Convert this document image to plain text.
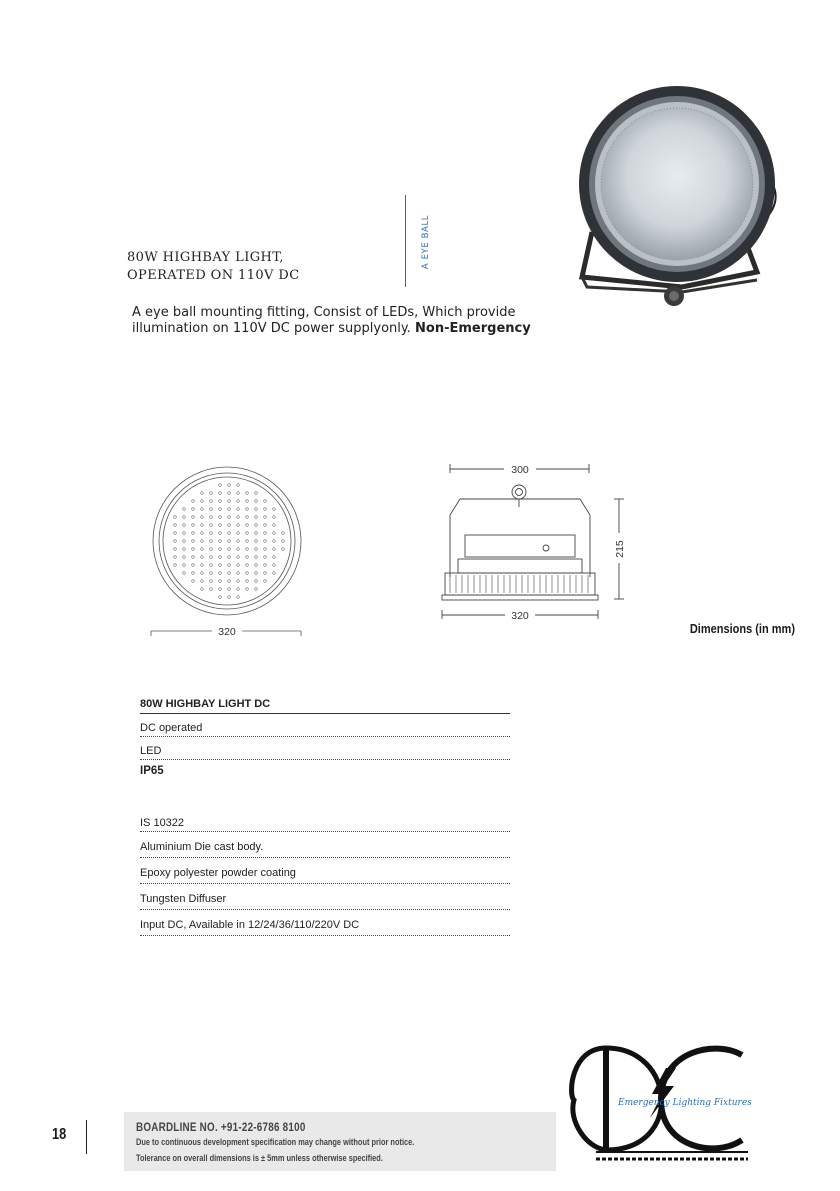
80W HIGHBAY LIGHT,
OPERATED ON 110V DC
A EYE BALL
A eye ball mounting fitting, Consist of LEDs, Which provide illumination on 110V DC power supplyonly. Non-Emergency
320
300
320
215
Dimensions (in mm)
80W HIGHBAY LIGHT DC
DC operated
LED
IP65
IS 10322
Aluminium Die cast body.
Epoxy polyester powder coating
Tungsten Diffuser
Input DC, Available in 12/24/36/110/220V DC
18	BOARDLINE NO. +91-22-6786 8100
Due to continuous development specification may change without prior notice.
Tolerance on overall dimensions is ± 5mm unless otherwise specified.
Emergency Lighting Fixtures
